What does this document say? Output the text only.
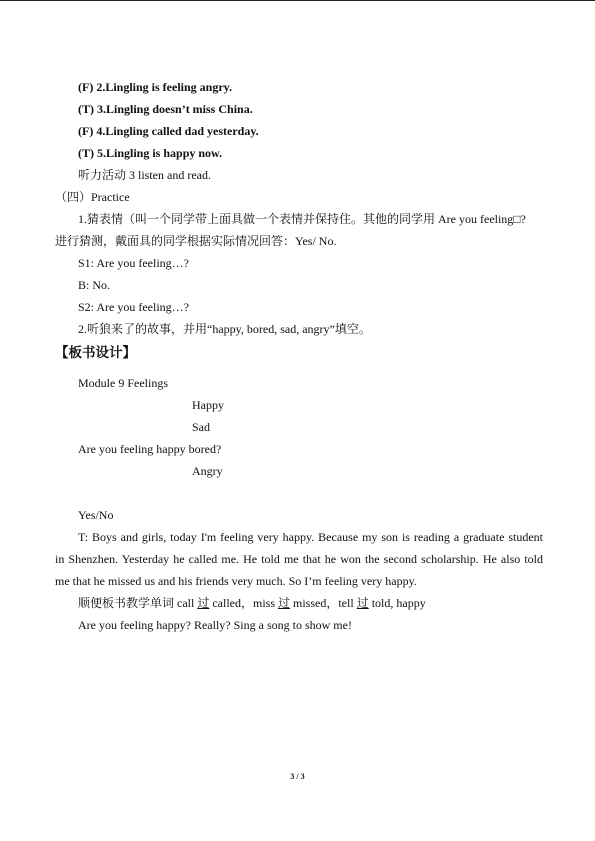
(F) 2.Lingling is feeling angry.
(T) 3.Lingling doesn’t miss China.
(F) 4.Lingling called dad yesterday.
(T) 5.Lingling is happy now.
听力活动 3 listen and read.
（四）Practice
1.猜表情（叫一个同学带上面具做一个表情并保持住。其他的同学用 Are you feeling□?
进行猜测，戴面具的同学根据实际情况回答：Yes/ No.
S1: Are you feeling…?
B: No.
S2: Are you feeling…?
2.听狼来了的故事，并用“happy, bored, sad, angry”填空。
【板书设计】
Module 9 Feelings
Happy
Sad
Are you feeling happy bored?
Angry
Yes/No
T: Boys and girls, today I'm feeling very happy. Because my son is reading a graduate student
in Shenzhen. Yesterday he called me. He told me that he won the second scholarship. He also told
me that he missed us and his friends very much. So I’m feeling very happy.
顺便板书教学单词 call 过 called，miss 过 missed，tell 过 told, happy
Are you feeling happy? Really? Sing a song to show me!
3 / 3
